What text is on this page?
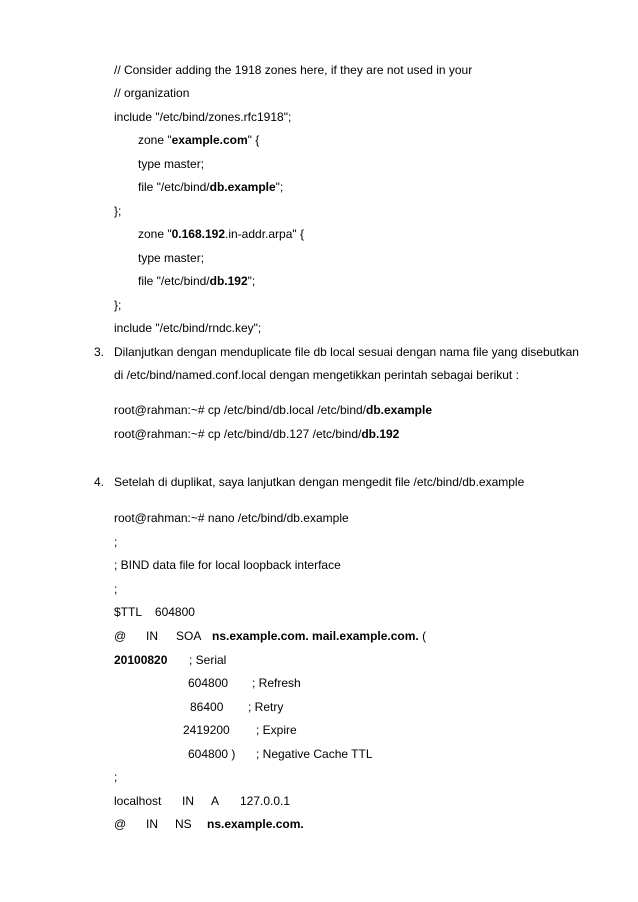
// Consider adding the 1918 zones here, if they are not used in your
// organization
include "/etc/bind/zones.rfc1918";
zone "example.com" {
type master;
file "/etc/bind/db.example";
};
zone "0.168.192.in-addr.arpa" {
type master;
file "/etc/bind/db.192";
};
include "/etc/bind/rndc.key";
3. Dilanjutkan dengan menduplicate file db local sesuai dengan nama file yang disebutkan
di /etc/bind/named.conf.local dengan mengetikkan perintah sebagai berikut :
root@rahman:~# cp /etc/bind/db.local /etc/bind/db.example
root@rahman:~# cp /etc/bind/db.127 /etc/bind/db.192
4. Setelah di duplikat, saya lanjutkan dengan mengedit file /etc/bind/db.example
root@rahman:~# nano /etc/bind/db.example
;
; BIND data file for local loopback interface
;
$TTL    604800
@ IN SOA ns.example.com. mail.example.com. (
20100820 ; Serial
604800 ; Refresh
86400 ; Retry
2419200 ; Expire
604800 ) ; Negative Cache TTL
;
localhost IN A 127.0.0.1
@ IN NS ns.example.com.
